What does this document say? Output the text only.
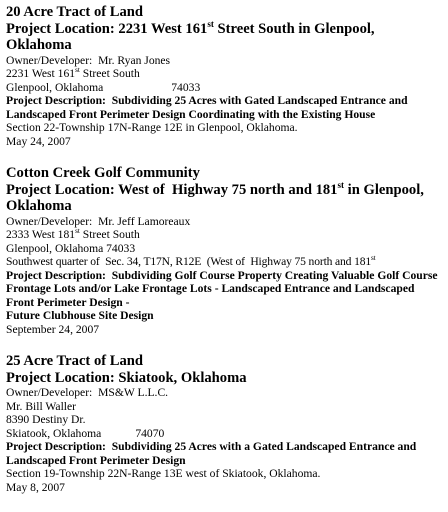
20 Acre Tract of Land
Project Location: 2231 West 161st Street South in Glenpool, Oklahoma
Owner/Developer: Mr. Ryan Jones
2231 West 161st Street South
Glenpool, Oklahoma	74033
Project Description:  Subdividing 25 Acres with Gated Landscaped Entrance and Landscaped Front Perimeter Design Coordinating with the Existing House
Section 22-Township 17N-Range 12E in Glenpool, Oklahoma.
May 24, 2007
Cotton Creek Golf Community
Project Location: West of  Highway 75 north and 181st in Glenpool, Oklahoma
Owner/Developer: Mr. Jeff Lamoreaux
2333 West 181st Street South
Glenpool, Oklahoma 74033
Southwest quarter of  Sec. 34, T17N, R12E  (West of  Highway 75 north and 181st
Project Description: Subdividing Golf Course Property Creating Valuable Golf Course Frontage Lots and/or Lake Frontage Lots - Landscaped Entrance and Landscaped Front Perimeter Design -
Future Clubhouse Site Design
September 24, 2007
25 Acre Tract of Land
Project Location: Skiatook, Oklahoma
Owner/Developer: MS&W L.L.C.
Mr. Bill Waller
8390 Destiny Dr.
Skiatook, Oklahoma	74070
Project Description:  Subdividing 25 Acres with a Gated Landscaped Entrance and Landscaped Front Perimeter Design
Section 19-Township 22N-Range 13E west of Skiatook, Oklahoma.
May 8, 2007
